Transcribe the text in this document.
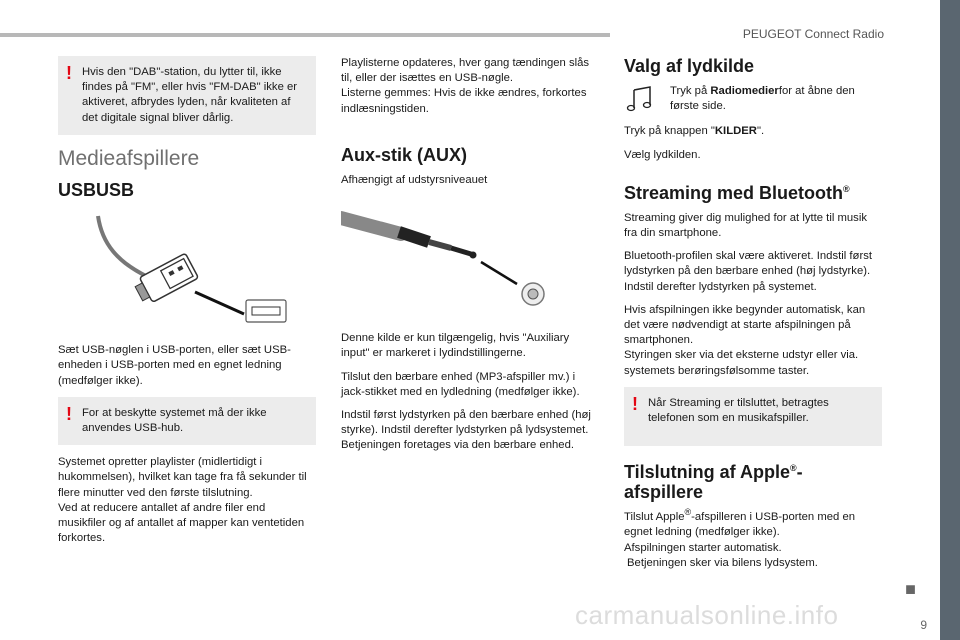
PEUGEOT Connect Radio
! Hvis den "DAB"-station, du lytter til, ikke findes på "FM", eller hvis "FM-DAB" ikke er aktiveret, afbrydes lyden, når kvaliteten af det digitale signal bliver dårlig.
Medieafspillere
USBUSB

Sæt USB-nøglen i USB-porten, eller sæt USB-enheden i USB-porten med en egnet ledning (medfølger ikke).

! For at beskytte systemet må der ikke anvendes USB-hub.

Systemet opretter playlister (midlertidigt i hukommelsen), hvilket kan tage fra få sekunder til flere minutter ved den første tilslutning.

Ved at reducere antallet af andre filer end musikfiler og af antallet af mapper kan ventetiden forkortes.

Playlisterne opdateres, hver gang tændingen slås til, eller der isættes en USB-nøgle.

Listerne gemmes: Hvis de ikke ændres, forkortes indlæsningstiden.

Aux-stik (AUX)

Afhængigt af udstyrsniveauet

Denne kilde er kun tilgængelig, hvis "Auxiliary input" er markeret i lydindstillingerne.

Tilslut den bærbare enhed (MP3-afspiller mv.) i jack-stikket med en lydledning (medfølger ikke).

Indstil først lydstyrken på den bærbare enhed (høj styrke). Indstil derefter lydstyrken på lydsystemet.

Betjeningen foretages via den bærbare enhed.

Valg af lydkilde
Tryk på Radiomedierfor at åbne den første side.

Tryk på knappen "KILDER".

Vælg lydkilden.

Streaming med Bluetooth®

Streaming giver dig mulighed for at lytte til musik fra din smartphone.

Bluetooth-profilen skal være aktiveret. Indstil først lydstyrken på den bærbare enhed (høj lydstyrke).

Indstil derefter lydstyrken på systemet.

Hvis afspilningen ikke begynder automatisk, kan det være nødvendigt at starte afspilningen på smartphonen.

Styringen sker via det eksterne udstyr eller via. systemets berøringsfølsomme taster.

! Når Streaming er tilsluttet, betragtes telefonen som en musikafspiller.
Tilslutning af Apple®-
afspillere

Tilslut Apple®-afspilleren i USB-porten med en egnet ledning (medfølger ikke).

Afspilningen starter automatisk.

Betjeningen sker via bilens lydsystem.

■
9
carmanualsonline.info
